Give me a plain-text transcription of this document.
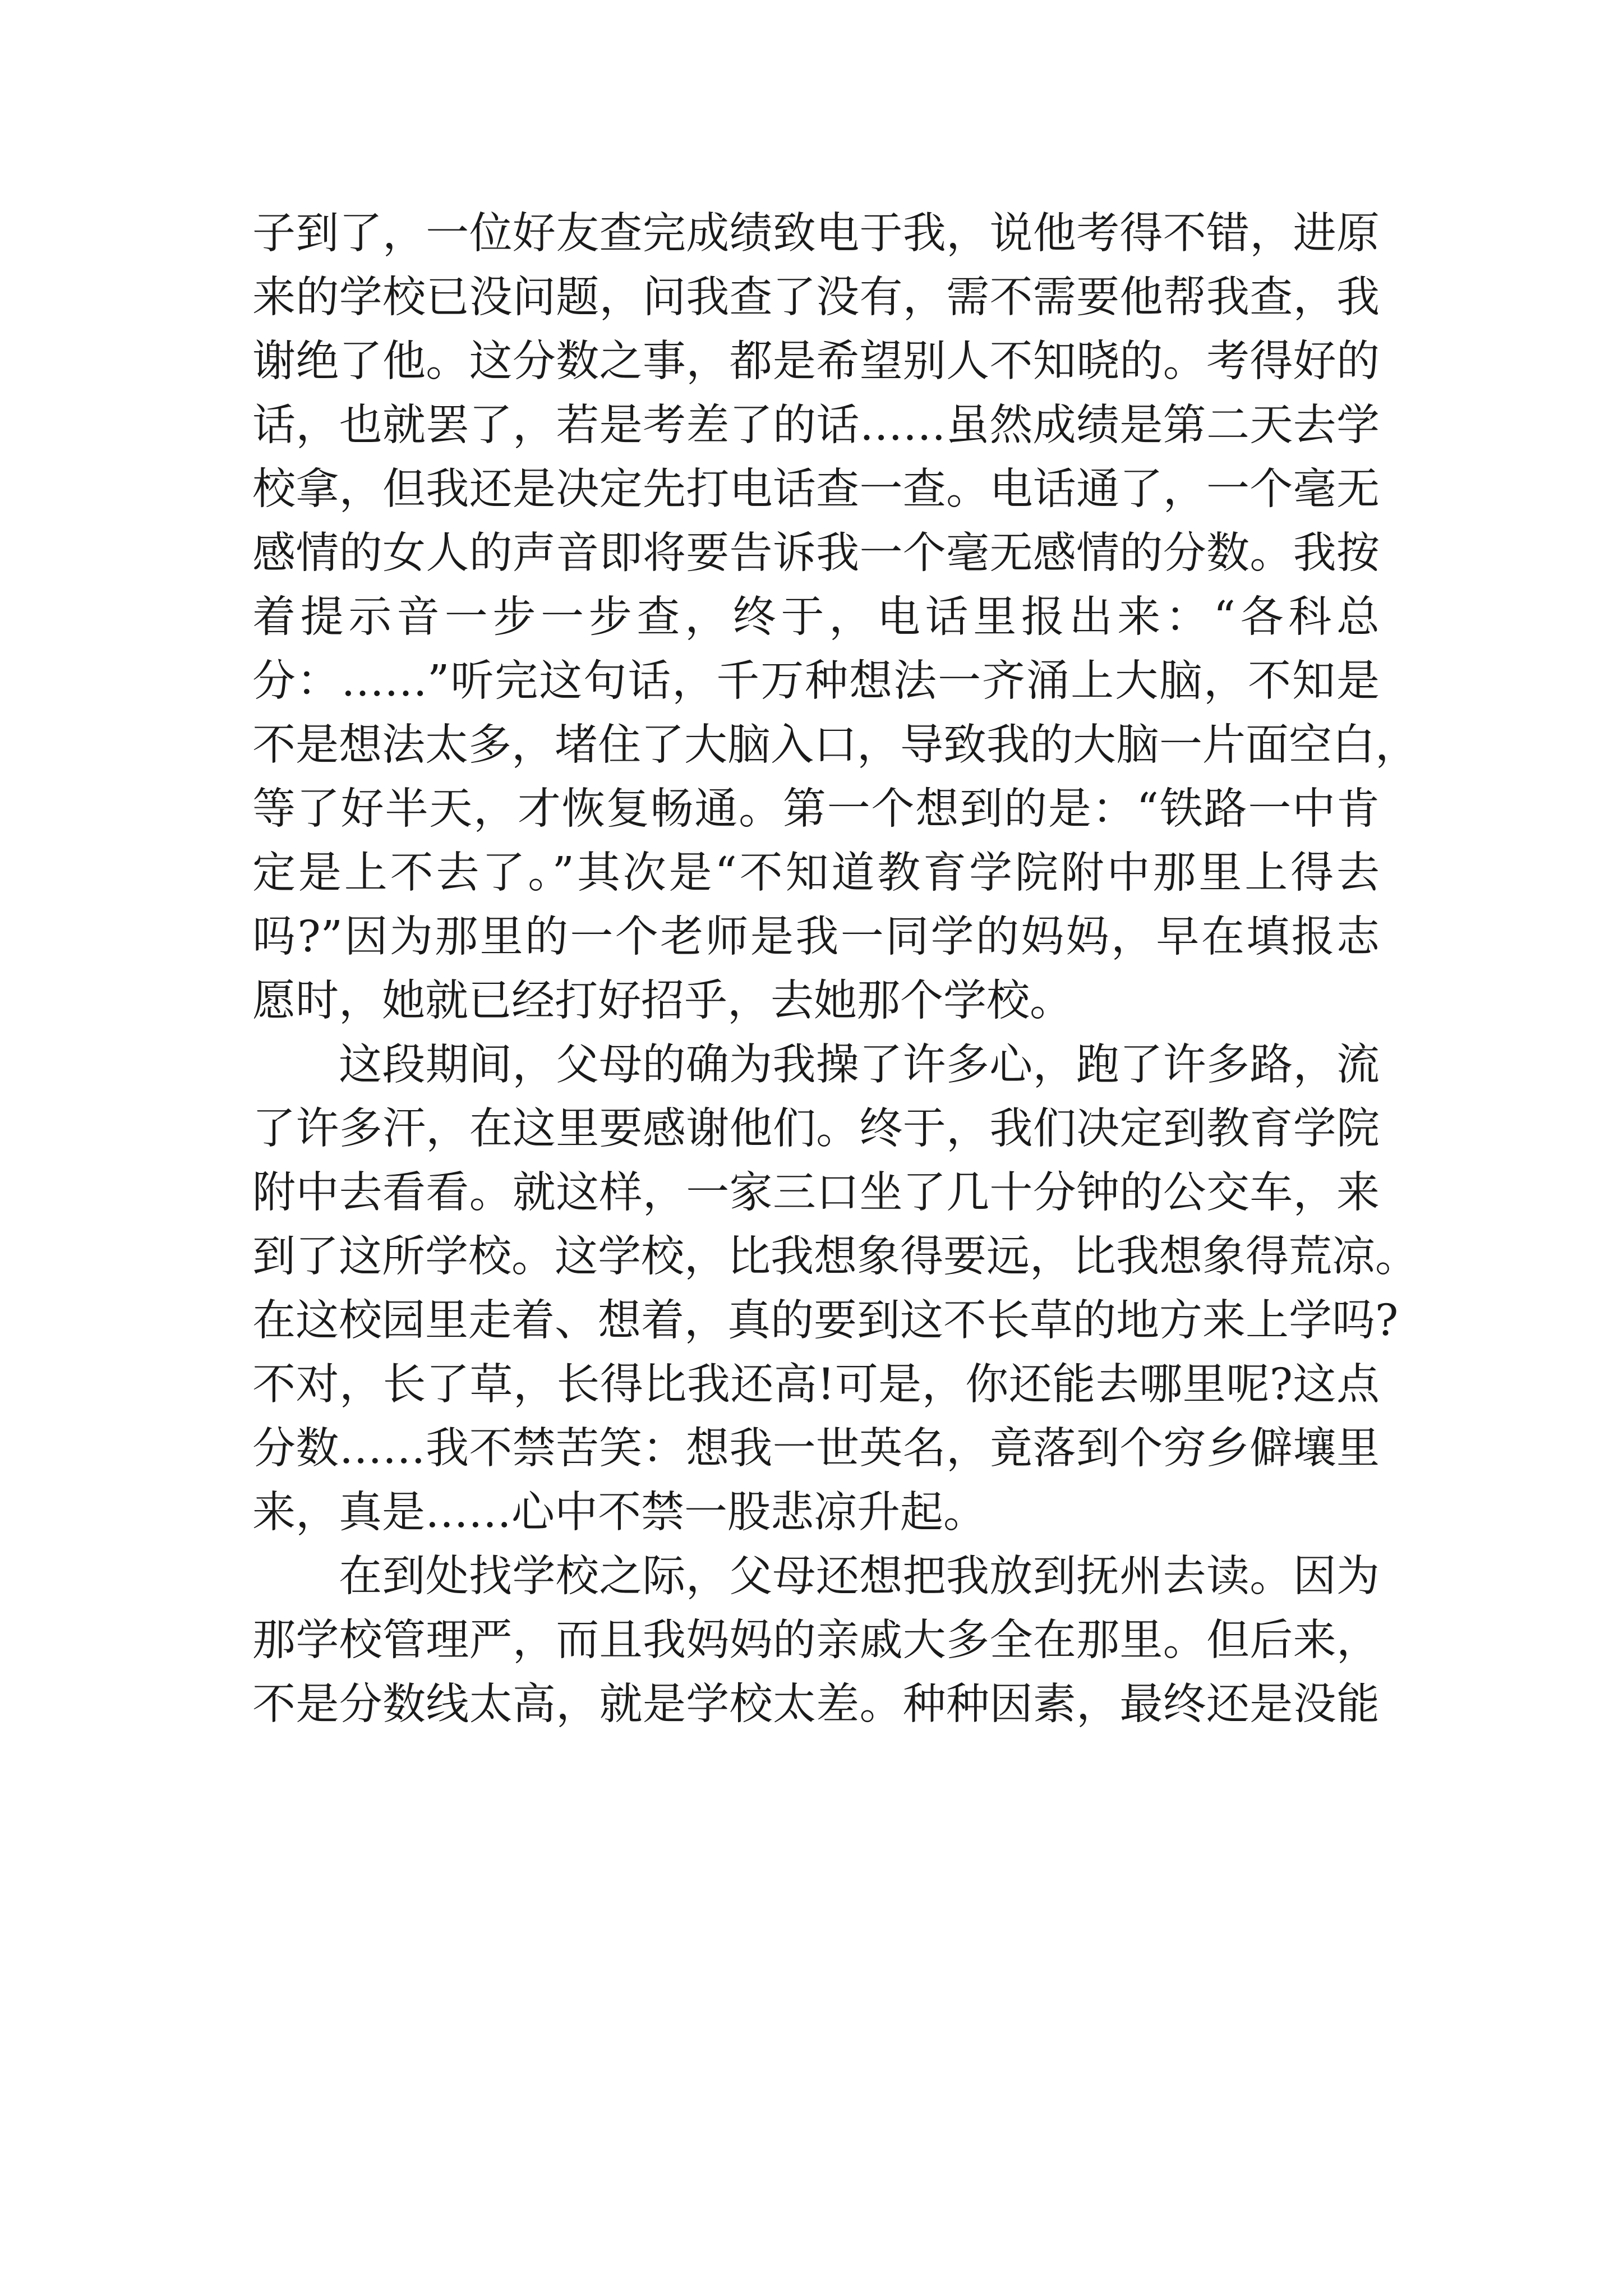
子到了，一位好友查完成绩致电于我，说他考得不错，进原
来的学校已没问题，问我查了没有，需不需要他帮我查，我
谢绝了他。这分数之事，都是希望别人不知晓的。考得好的
话，也就罢了，若是考差了的话……虽然成绩是第二天去学
校拿，但我还是决定先打电话查一查。电话通了，一个毫无
感情的女人的声音即将要告诉我一个毫无感情的分数。我按
着提示音一步一步查，终于，电话里报出来：“各科总
分：……”听完这句话，千万种想法一齐涌上大脑，不知是
不是想法太多，堵住了大脑入口，导致我的大脑一片面空白，
等了好半天，才恢复畅通。第一个想到的是：“铁路一中肯
定是上不去了。”其次是“不知道教育学院附中那里上得去
吗?”因为那里的一个老师是我一同学的妈妈，早在填报志
愿时，她就已经打好招乎，去她那个学校。
这段期间，父母的确为我操了许多心，跑了许多路，流
了许多汗，在这里要感谢他们。终于，我们决定到教育学院
附中去看看。就这样，一家三口坐了几十分钟的公交车，来
到了这所学校。这学校，比我想象得要远，比我想象得荒凉。
在这校园里走着、想着，真的要到这不长草的地方来上学吗?
不对，长了草，长得比我还高!可是，你还能去哪里呢?这点
分数……我不禁苦笑：想我一世英名，竟落到个穷乡僻壤里
来，真是……心中不禁一股悲凉升起。
在到处找学校之际，父母还想把我放到抚州去读。因为
那学校管理严，而且我妈妈的亲戚大多全在那里。但后来，
不是分数线太高，就是学校太差。种种因素，最终还是没能
